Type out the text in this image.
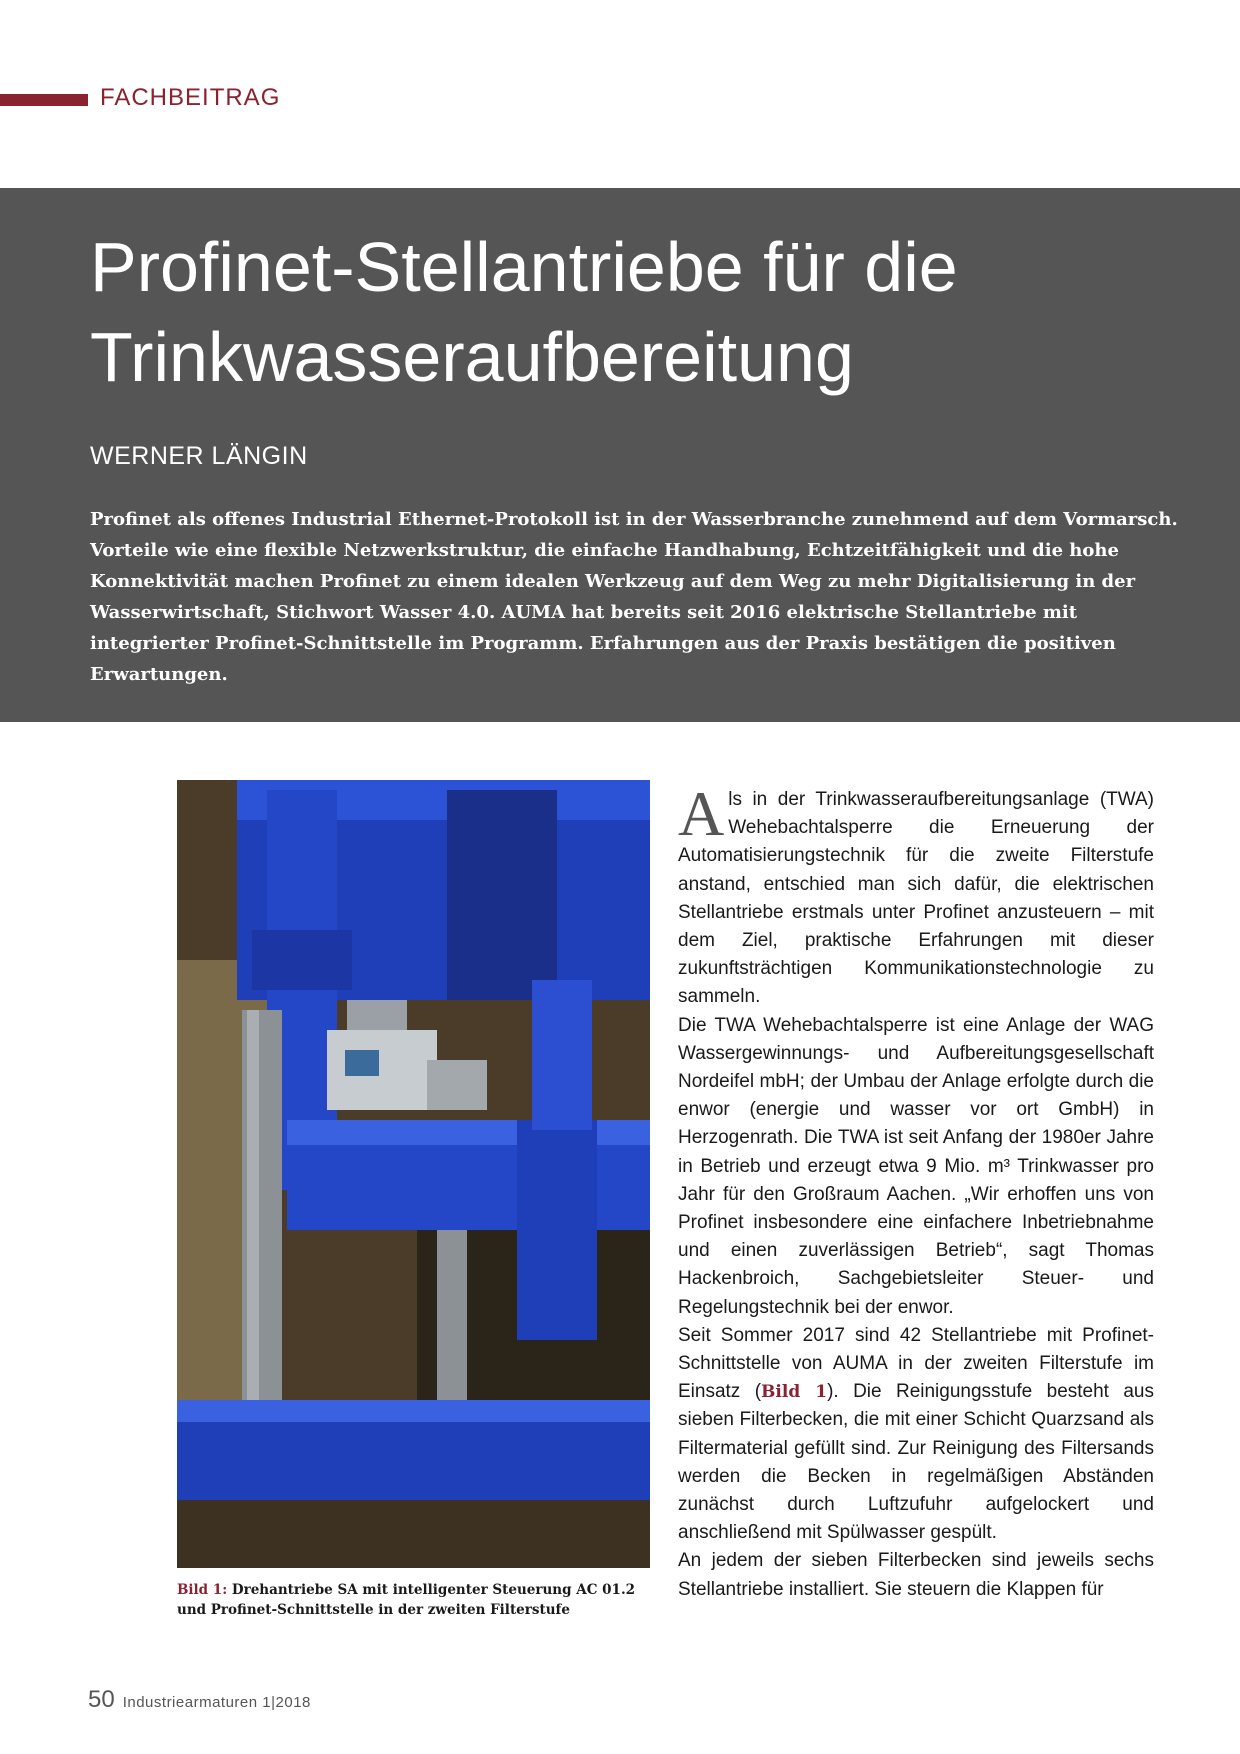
FACHBEITRAG

Profinet-Stellantriebe für die Trinkwasseraufbereitung

WERNER LÄNGIN

Profinet als offenes Industrial Ethernet-Protokoll ist in der Wasserbranche zunehmend auf dem Vormarsch. Vorteile wie eine flexible Netzwerkstruktur, die einfache Handhabung, Echtzeitfähigkeit und die hohe Konnektivität machen Profinet zu einem idealen Werkzeug auf dem Weg zu mehr Digitalisierung in der Wasserwirtschaft, Stichwort Wasser 4.0. AUMA hat bereits seit 2016 elektrische Stellantriebe mit integrierter Profinet-Schnittstelle im Programm. Erfahrungen aus der Praxis bestätigen die positiven Erwartungen.

Bild 1: Drehantriebe SA mit intelligenter Steuerung AC 01.2 und Profinet-Schnittstelle in der zweiten Filterstufe

Als in der Trinkwasseraufbereitungsanlage (TWA) Wehebachtalsperre die Erneuerung der Automatisierungstechnik für die zweite Filterstufe anstand, entschied man sich dafür, die elektrischen Stellantriebe erstmals unter Profinet anzusteuern – mit dem Ziel, praktische Erfahrungen mit dieser zukunftsträchtigen Kommunikationstechnologie zu sammeln.

Die TWA Wehebachtalsperre ist eine Anlage der WAG Wassergewinnungs- und Aufbereitungsgesellschaft Nordeifel mbH; der Umbau der Anlage erfolgte durch die enwor (energie und wasser vor ort GmbH) in Herzogenrath. Die TWA ist seit Anfang der 1980er Jahre in Betrieb und erzeugt etwa 9 Mio. m³ Trinkwasser pro Jahr für den Großraum Aachen. „Wir erhoffen uns von Profinet insbesondere eine einfachere Inbetriebnahme und einen zuverlässigen Betrieb“, sagt Thomas Hackenbroich, Sachgebietsleiter Steuer- und Regelungstechnik bei der enwor.

Seit Sommer 2017 sind 42 Stellantriebe mit Profinet-Schnittstelle von AUMA in der zweiten Filterstufe im Einsatz (Bild 1). Die Reinigungsstufe besteht aus sieben Filterbecken, die mit einer Schicht Quarzsand als Filtermaterial gefüllt sind. Zur Reinigung des Filtersands werden die Becken in regelmäßigen Abständen zunächst durch Luftzufuhr aufgelockert und anschließend mit Spülwasser gespült.

An jedem der sieben Filterbecken sind jeweils sechs Stellantriebe installiert. Sie steuern die Klappen für

50 Industriearmaturen 1|2018
